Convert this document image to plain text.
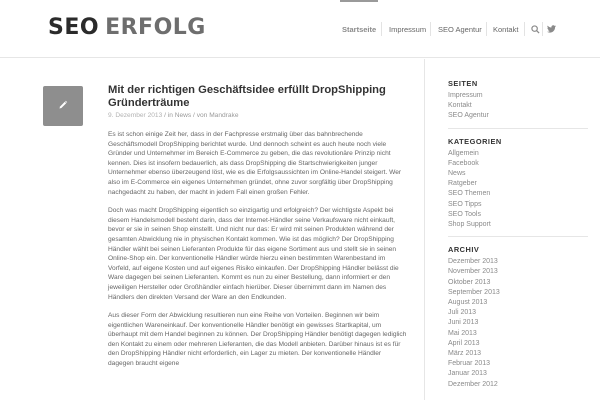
SEO ERFOLG	Startseite Impressum SEO Agentur Kontakt
Mit der richtigen Geschäftsidee erfüllt DropShipping Gründerträume
9. Dezember 2013 / in News / von Mandrake

Es ist schon einige Zeit her, dass in der Fachpresse erstmalig über das bahnbrechende Geschäftsmodell DropShipping berichtet wurde. Und dennoch scheint es auch heute noch viele Gründer und Unternehmer im Bereich E-Commerce zu geben, die das revolutionäre Prinzip nicht kennen. Dies ist insofern bedauerlich, als dass DropShipping die Startschwierigkeiten junger Unternehmer ebenso überzeugend löst, wie es die Erfolgsaussichten im Online-Handel steigert. Wer also im E-Commerce ein eigenes Unternehmen gründet, ohne zuvor sorgfältig über DropShipping nachgedacht zu haben, der macht in jedem Fall einen großen Fehler.

Doch was macht DropShipping eigentlich so einzigartig und erfolgreich? Der wichtigste Aspekt bei diesem Handelsmodell besteht darin, dass der Internet-Händler seine Verkaufsware nicht einkauft, bevor er sie in seinen Shop einstellt. Und nicht nur das: Er wird mit seinen Produkten während der gesamten Abwicklung nie in physischen Kontakt kommen. Wie ist das möglich? Der DropShipping Händler wählt bei seinen Lieferanten Produkte für das eigene Sortiment aus und stellt sie in seinen Online-Shop ein. Der konventionelle Händler würde hierzu einen bestimmten Warenbestand im Vorfeld, auf eigene Kosten und auf eigenes Risiko einkaufen. Der DropShipping Händler belässt die Ware dagegen bei seinen Lieferanten. Kommt es nun zu einer Bestellung, dann informiert er den jeweiligen Hersteller oder Großhändler einfach hierüber. Dieser übernimmt dann im Namen des Händlers den direkten Versand der Ware an den Endkunden.

Aus dieser Form der Abwicklung resultieren nun eine Reihe von Vorteilen. Beginnen wir beim eigentlichen Wareneinkauf. Der konventionelle Händler benötigt ein gewisses Startkapital, um überhaupt mit dem Handel beginnen zu können. Der DropShipping Händler benötigt dagegen lediglich den Kontakt zu einem oder mehreren Lieferanten, die das Modell anbieten. Darüber hinaus ist es für den DropShipping Händler nicht erforderlich, ein Lager zu mieten. Der konventionelle Händler dagegen braucht eigene

SEITEN
Impressum
Kontakt
SEO Agentur
KATEGORIEN
Allgemein
Facebook
News
Ratgeber
SEO Themen
SEO Tipps
SEO Tools
Shop Support
ARCHIV
Dezember 2013
November 2013
Oktober 2013
September 2013
August 2013
Juli 2013
Juni 2013
Mai 2013
April 2013
März 2013
Februar 2013
Januar 2013
Dezember 2012
